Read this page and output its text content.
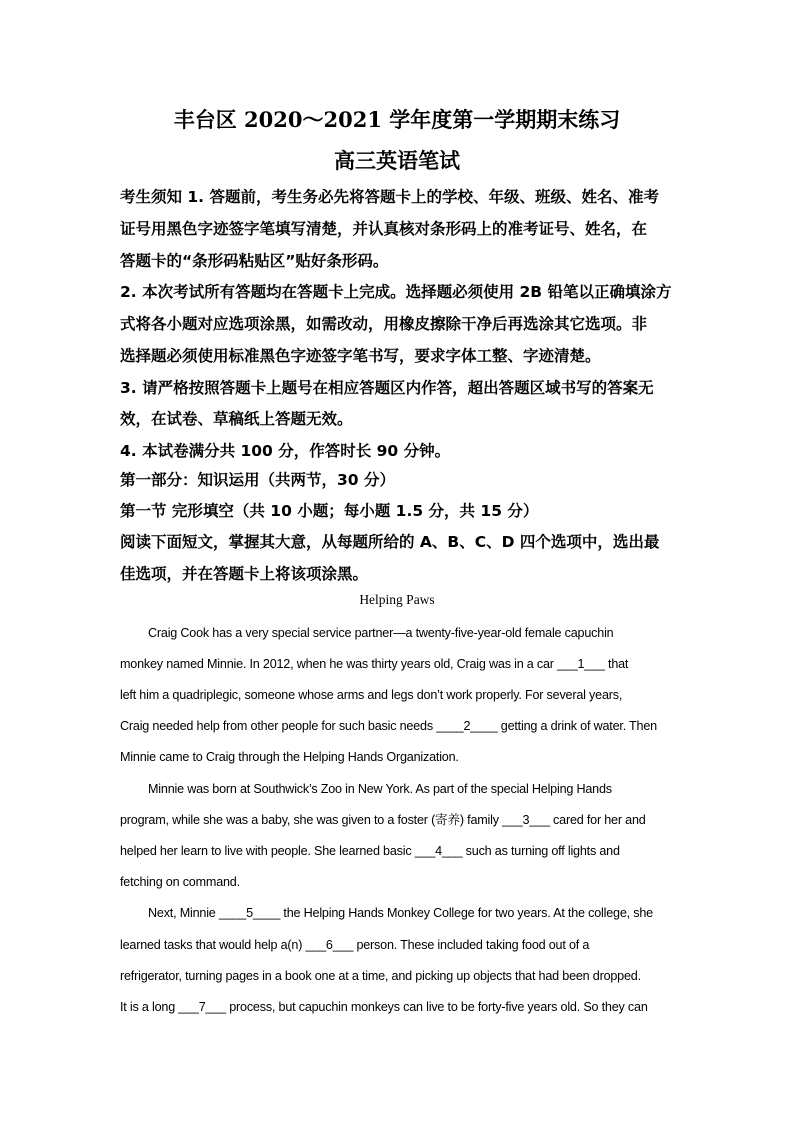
丰台区 2020～2021 学年度第一学期期末练习
高三英语笔试
考生须知 1. 答题前，考生务必先将答题卡上的学校、年级、班级、姓名、准考
证号用黑色字迹签字笔填写清楚，并认真核对条形码上的准考证号、姓名，在
答题卡的“条形码粘贴区”贴好条形码。
2. 本次考试所有答题均在答题卡上完成。选择题必须使用 2B 铅笔以正确填涂方
式将各小题对应选项涂黑，如需改动，用橡皮擦除干净后再选涂其它选项。非
选择题必须使用标准黑色字迹签字笔书写，要求字体工整、字迹清楚。
3. 请严格按照答题卡上题号在相应答题区内作答，超出答题区域书写的答案无
效，在试卷、草稿纸上答题无效。
4. 本试卷满分共 100 分，作答时长 90 分钟。
第一部分：知识运用（共两节，30 分）
第一节 完形填空（共 10 小题；每小题 1.5 分，共 15 分）
阅读下面短文，掌握其大意，从每题所给的 A、B、C、D 四个选项中，选出最
佳选项，并在答题卡上将该项涂黑。
Helping Paws
Craig Cook has a very special service partner—a twenty-five-year-old female capuchin
monkey named Minnie. In 2012, when he was thirty years old, Craig was in a car ___1___ that
left him a quadriplegic, someone whose arms and legs don’t work properly. For several years,
Craig needed help from other people for such basic needs ____2____ getting a drink of water. Then
Minnie came to Craig through the Helping Hands Organization.
Minnie was born at Southwick’s Zoo in New York. As part of the special Helping Hands
program, while she was a baby, she was given to a foster (寄养) family ___3___ cared for her and
helped her learn to live with people. She learned basic ___4___ such as turning off lights and
fetching on command.
Next, Minnie ____5____ the Helping Hands Monkey College for two years. At the college, she
learned tasks that would help a(n) ___6___ person. These included taking food out of a
refrigerator, turning pages in a book one at a time, and picking up objects that had been dropped.
It is a long ___7___ process, but capuchin monkeys can live to be forty-five years old. So they can
